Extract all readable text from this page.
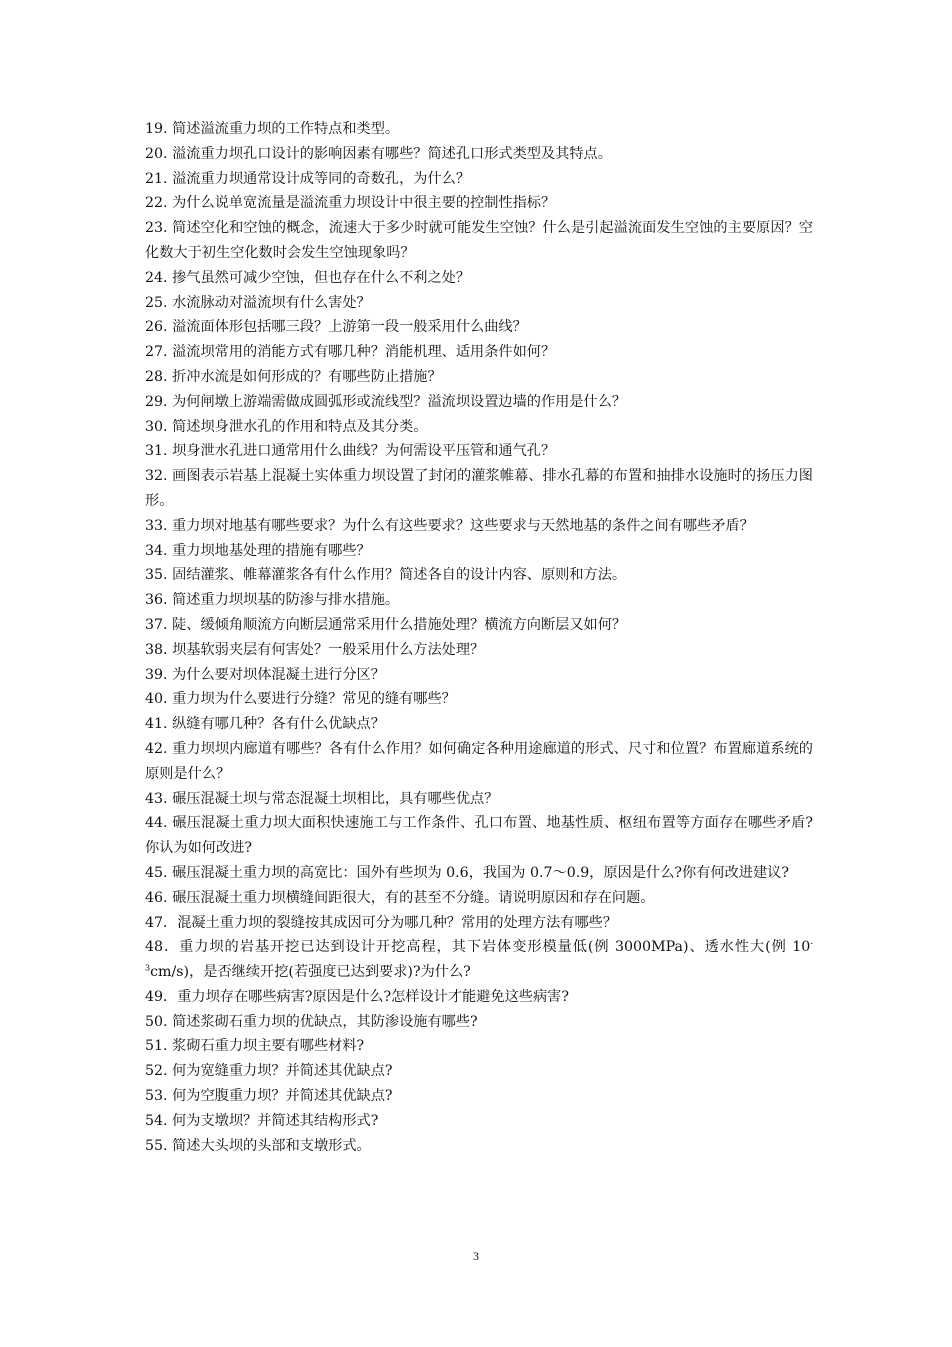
19. 简述溢流重力坝的工作特点和类型。

20. 溢流重力坝孔口设计的影响因素有哪些？简述孔口形式类型及其特点。

21. 溢流重力坝通常设计成等同的奇数孔，为什么？

22. 为什么说单宽流量是溢流重力坝设计中很主要的控制性指标？

23. 简述空化和空蚀的概念，流速大于多少时就可能发生空蚀？什么是引起溢流面发生空蚀的主要原因？空化数大于初生空化数时会发生空蚀现象吗？

24. 掺气虽然可减少空蚀，但也存在什么不利之处？

25. 水流脉动对溢流坝有什么害处？

26. 溢流面体形包括哪三段？上游第一段一般采用什么曲线？

27. 溢流坝常用的消能方式有哪几种？消能机理、适用条件如何？

28. 折冲水流是如何形成的？有哪些防止措施？

29. 为何闸墩上游端需做成圆弧形或流线型？溢流坝设置边墙的作用是什么？

30. 简述坝身泄水孔的作用和特点及其分类。

31. 坝身泄水孔进口通常用什么曲线？为何需设平压管和通气孔？

32. 画图表示岩基上混凝土实体重力坝设置了封闭的灌浆帷幕、排水孔幕的布置和抽排水设施时的扬压力图形。

33. 重力坝对地基有哪些要求？为什么有这些要求？这些要求与天然地基的条件之间有哪些矛盾？

34. 重力坝地基处理的措施有哪些？

35. 固结灌浆、帷幕灌浆各有什么作用？简述各自的设计内容、原则和方法。

36. 简述重力坝坝基的防渗与排水措施。

37. 陡、缓倾角顺流方向断层通常采用什么措施处理？横流方向断层又如何？

38. 坝基软弱夹层有何害处？一般采用什么方法处理？

39. 为什么要对坝体混凝土进行分区？

40. 重力坝为什么要进行分缝？常见的缝有哪些？

41. 纵缝有哪几种？各有什么优缺点？

42. 重力坝坝内廊道有哪些？各有什么作用？如何确定各种用途廊道的形式、尺寸和位置？布置廊道系统的原则是什么？

43. 碾压混凝土坝与常态混凝土坝相比，具有哪些优点？

44. 碾压混凝土重力坝大面积快速施工与工作条件、孔口布置、地基性质、枢纽布置等方面存在哪些矛盾?你认为如何改进?

45. 碾压混凝土重力坝的高宽比：国外有些坝为 0.6，我国为 0.7～0.9，原因是什么?你有何改进建议?

46. 碾压混凝土重力坝横缝间距很大，有的甚至不分缝。请说明原因和存在问题。

47．混凝土重力坝的裂缝按其成因可分为哪几种？常用的处理方法有哪些？

48．重力坝的岩基开挖已达到设计开挖高程，其下岩体变形模量低(例 3000MPa)、透水性大(例 $10^{-3}cm/s$)，是否继续开挖(若强度已达到要求)?为什么?

49．重力坝存在哪些病害?原因是什么?怎样设计才能避免这些病害?

50. 简述浆砌石重力坝的优缺点，其防渗设施有哪些?

51. 浆砌石重力坝主要有哪些材料?

52. 何为宽缝重力坝？并简述其优缺点?

53. 何为空腹重力坝？并简述其优缺点?

54. 何为支墩坝？并简述其结构形式?

55. 简述大头坝的头部和支墩形式。

3
